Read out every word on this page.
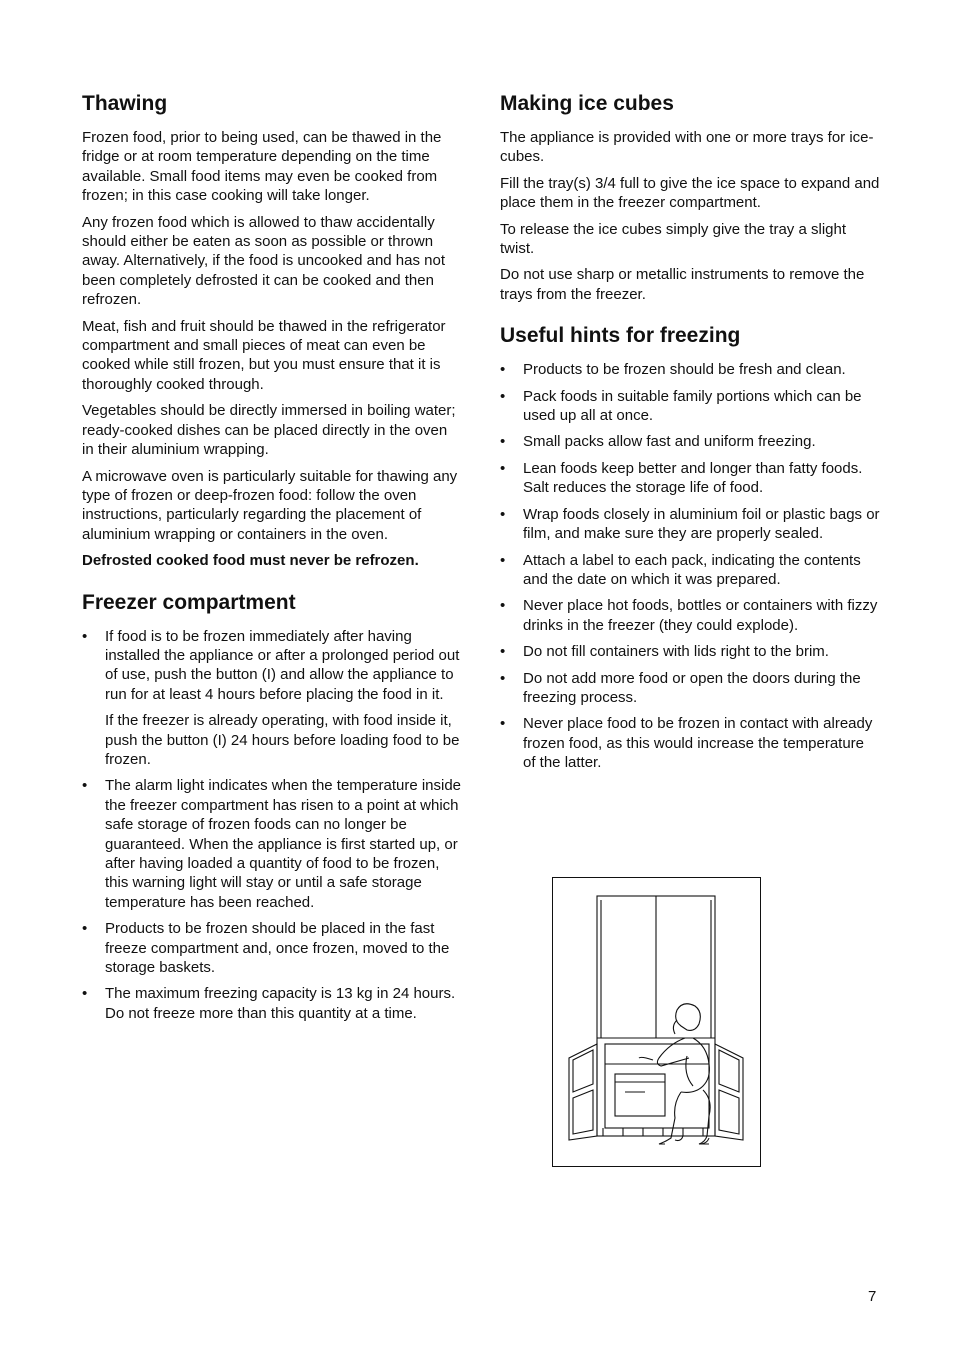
Thawing

Frozen food, prior to being used, can be thawed in the fridge or at room temperature depending on the time available. Small food items may even be cooked from frozen; in this case cooking will take longer.

Any frozen food which is allowed to thaw accidentally should either be eaten as soon as possible or thrown away. Alternatively, if the food is uncooked and has not been completely defrosted it can be cooked and then refrozen.

Meat, fish and fruit should be thawed in the refrigerator compartment and small pieces of meat can even be cooked while still frozen, but you must ensure that it is thoroughly cooked through.

Vegetables should be directly immersed in boiling water; ready-cooked dishes can be placed directly in the oven in their aluminium wrapping.

A microwave oven is particularly suitable for thawing any type of frozen or deep-frozen food: follow the oven instructions, particularly regarding the placement of aluminium wrapping or containers in the oven.

Defrosted cooked food must never be refrozen.

Freezer compartment
• If food is to be frozen immediately after having installed the appliance or after a prolonged period out of use, push the button (I) and allow the appliance to run for at least 4 hours before placing the food in it.

If the freezer is already operating, with food inside it, push the button (I) 24 hours before loading food to be frozen.

• The alarm light indicates when the temperature inside the freezer compartment has risen to a point at which safe storage of frozen foods can no longer be guaranteed. When the appliance is first started up, or after having loaded a quantity of food to be frozen, this warning light will stay or until a safe storage temperature has been reached.

• Products to be frozen should be placed in the fast freeze compartment and, once frozen, moved to the storage baskets.

• The maximum freezing capacity is 13 kg in 24 hours. Do not freeze more than this quantity at a time.

Making ice cubes

The appliance is provided with one or more trays for ice-cubes.

Fill the tray(s) 3/4 full to give the ice space to expand and place them in the freezer compartment.

To release the ice cubes simply give the tray a slight twist.

Do not use sharp or metallic instruments to remove the trays from the freezer.

Useful hints for freezing
• Products to be frozen should be fresh and clean.
• Pack foods in suitable family portions which can be used up all at once.
• Small packs allow fast and uniform freezing.
• Lean foods keep better and longer than fatty foods. Salt reduces the storage life of food.
• Wrap foods closely in aluminium foil or plastic bags or film, and make sure they are properly sealed.
• Attach a label to each pack, indicating the contents and the date on which it was prepared.
• Never place hot foods, bottles or containers with fizzy drinks in the freezer (they could explode).
• Do not fill containers with lids right to the brim.
• Do not add more food or open the doors during the freezing process.
• Never place food to be frozen in contact with already frozen food, as this would increase the temperature of the latter.
7
